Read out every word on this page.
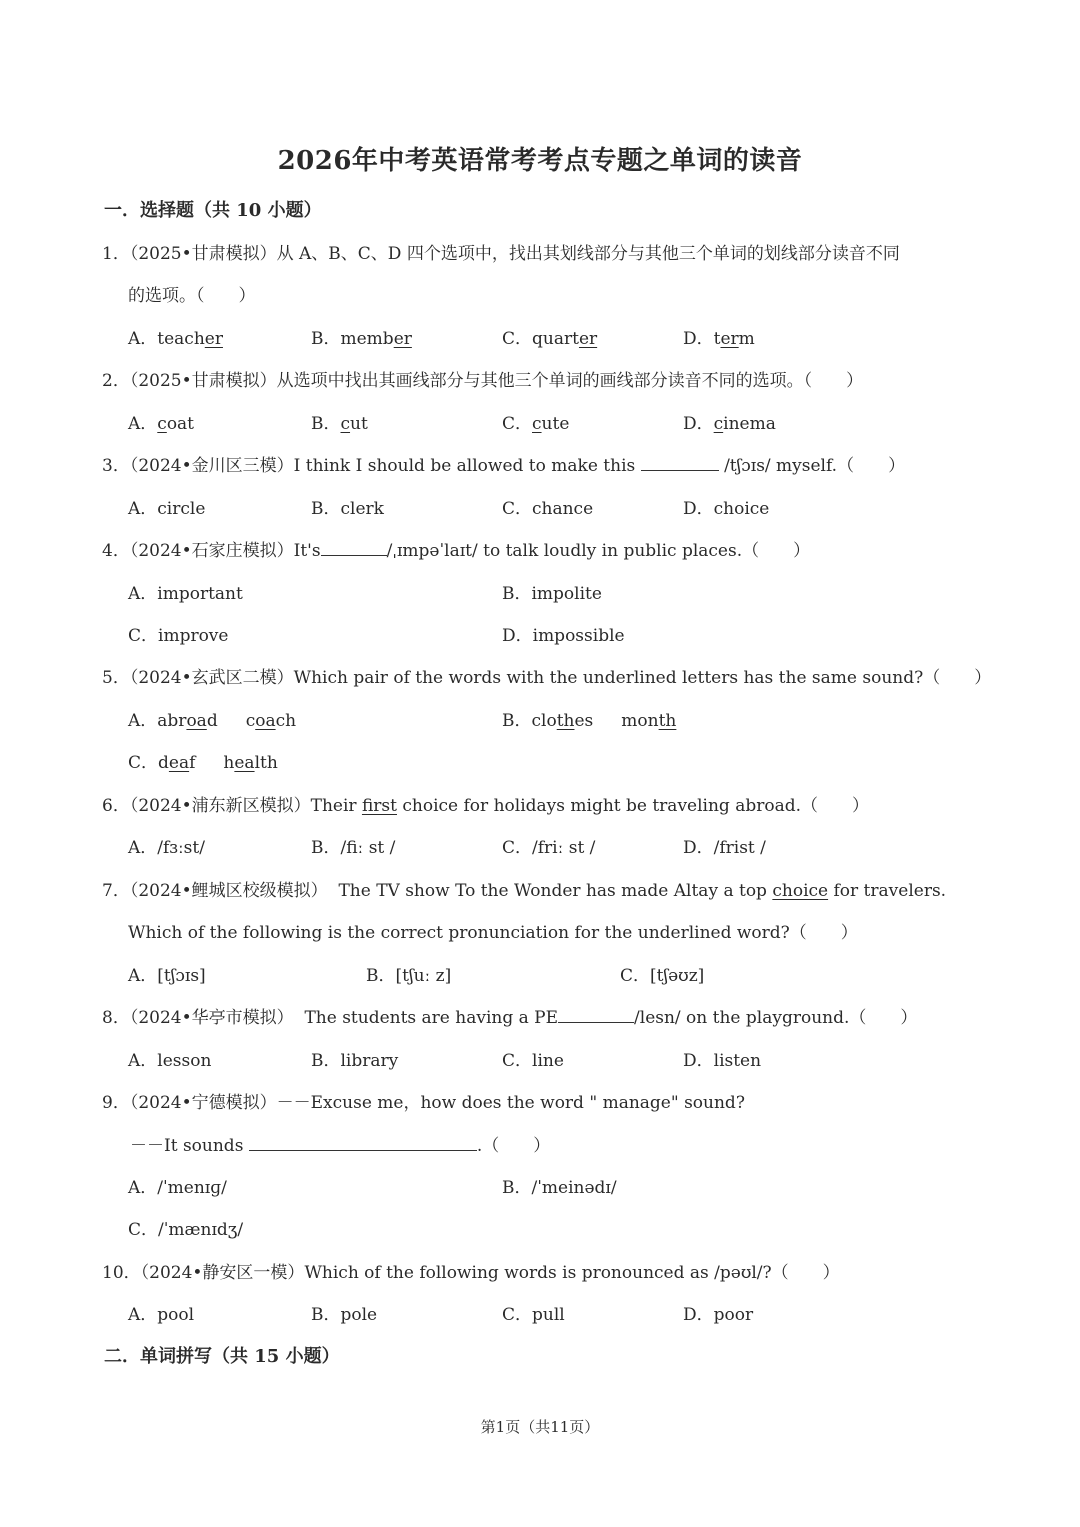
2026年中考英语常考考点专题之单词的读音
一．选择题（共 10 小题）
1．（2025•甘肃模拟）从 A、B、C、D 四个选项中，找出其划线部分与其他三个单词的划线部分读音不同
的选项。（　　）
A．teacher	B．member	C．quarter	D．term
2．（2025•甘肃模拟）从选项中找出其画线部分与其他三个单词的画线部分读音不同的选项。（　　）
A．coat	B．cut	C．cute	D．cinema
3．（2024•金川区三模）I think I should be allowed to make this	/tʃɔɪs/ myself.（　　）
A．circle	B．clerk	C．chance	D．choice
4．（2024•石家庄模拟）It's	/ˌɪmpəˈlaɪt/ to talk loudly in public places.（　　）
A．important	B．impolite
C．improve	D．impossible
5．（2024•玄武区二模）Which pair of the words with the underlined letters has the same sound?（　　）
A．abroad coach	B．clothes month
C．deaf health
6．（2024•浦东新区模拟）Their first choice for holidays might be traveling abroad.（　　）
A．/fɜːst/	B．/fiː st /	C．/friː st /	D．/frist /
7．（2024•鲤城区校级模拟） The TV show To the Wonder has made Altay a top choice for travelers.
Which of the following is the correct pronunciation for the underlined word?（　　）
A．[tʃɔɪs]	B．[tʃuː z]	C．[tʃəʊz]
8．（2024•华亭市模拟） The students are having a PE	/lesn/ on the playground.（　　）
A．lesson	B．library	C．line	D．listen
9．（2024•宁德模拟）－－Excuse me，how does the word " manage" sound?
－－It sounds	.（　　）
A．/ˈmenɪɡ/	B．/ˈmeinədɪ/
C．/ˈmænɪdʒ/
10．（2024•静安区一模）Which of the following words is pronounced as /pəʊl/?（　　）
A．pool	B．pole	C．pull	D．poor
二．单词拼写（共 15 小题）
第1页（共11页）
